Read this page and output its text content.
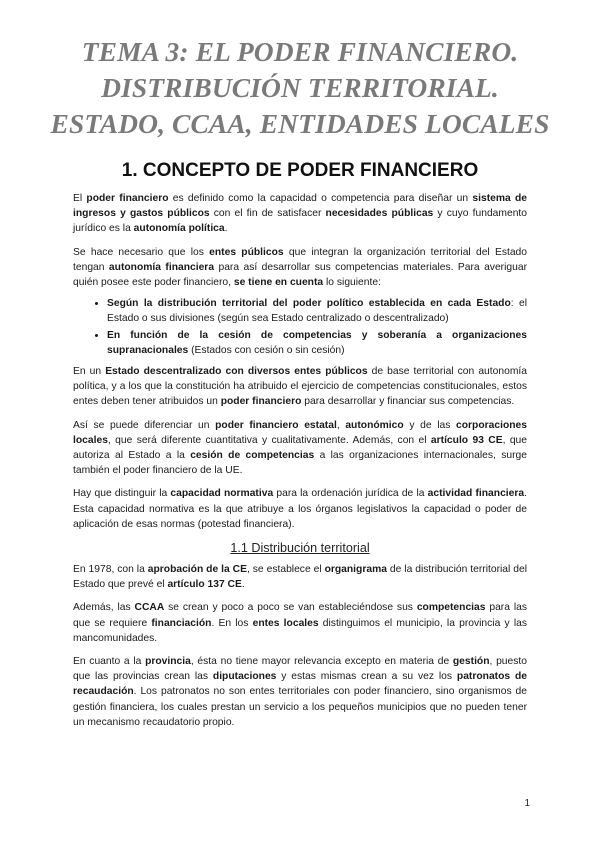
TEMA 3: EL PODER FINANCIERO.
DISTRIBUCIÓN TERRITORIAL.
ESTADO, CCAA, ENTIDADES LOCALES
1. CONCEPTO DE PODER FINANCIERO

El poder financiero es definido como la capacidad o competencia para diseñar un sistema de ingresos y gastos públicos con el fin de satisfacer necesidades públicas y cuyo fundamento jurídico es la autonomía política.

Se hace necesario que los entes públicos que integran la organización territorial del Estado tengan autonomía financiera para así desarrollar sus competencias materiales. Para averiguar quién posee este poder financiero, se tiene en cuenta lo siguiente:

• Según la distribución territorial del poder político establecida en cada Estado: el Estado o sus divisiones (según sea Estado centralizado o descentralizado)
• En función de la cesión de competencias y soberanía a organizaciones supranacionales (Estados con cesión o sin cesión)

En un Estado descentralizado con diversos entes públicos de base territorial con autonomía política, y a los que la constitución ha atribuido el ejercicio de competencias constitucionales, estos entes deben tener atribuidos un poder financiero para desarrollar y financiar sus competencias.

Así se puede diferenciar un poder financiero estatal, autonómico y de las corporaciones locales, que será diferente cuantitativa y cualitativamente. Además, con el artículo 93 CE, que autoriza al Estado a la cesión de competencias a las organizaciones internacionales, surge también el poder financiero de la UE.

Hay que distinguir la capacidad normativa para la ordenación jurídica de la actividad financiera. Esta capacidad normativa es la que atribuye a los órganos legislativos la capacidad o poder de aplicación de esas normas (potestad financiera).

1.1 Distribución territorial

En 1978, con la aprobación de la CE, se establece el organigrama de la distribución territorial del Estado que prevé el artículo 137 CE.

Además, las CCAA se crean y poco a poco se van estableciéndose sus competencias para las que se requiere financiación. En los entes locales distinguimos el municipio, la provincia y las mancomunidades.

En cuanto a la provincia, ésta no tiene mayor relevancia excepto en materia de gestión, puesto que las provincias crean las diputaciones y estas mismas crean a su vez los patronatos de recaudación. Los patronatos no son entes territoriales con poder financiero, sino organismos de gestión financiera, los cuales prestan un servicio a los pequeños municipios que no pueden tener un mecanismo recaudatorio propio.

1
